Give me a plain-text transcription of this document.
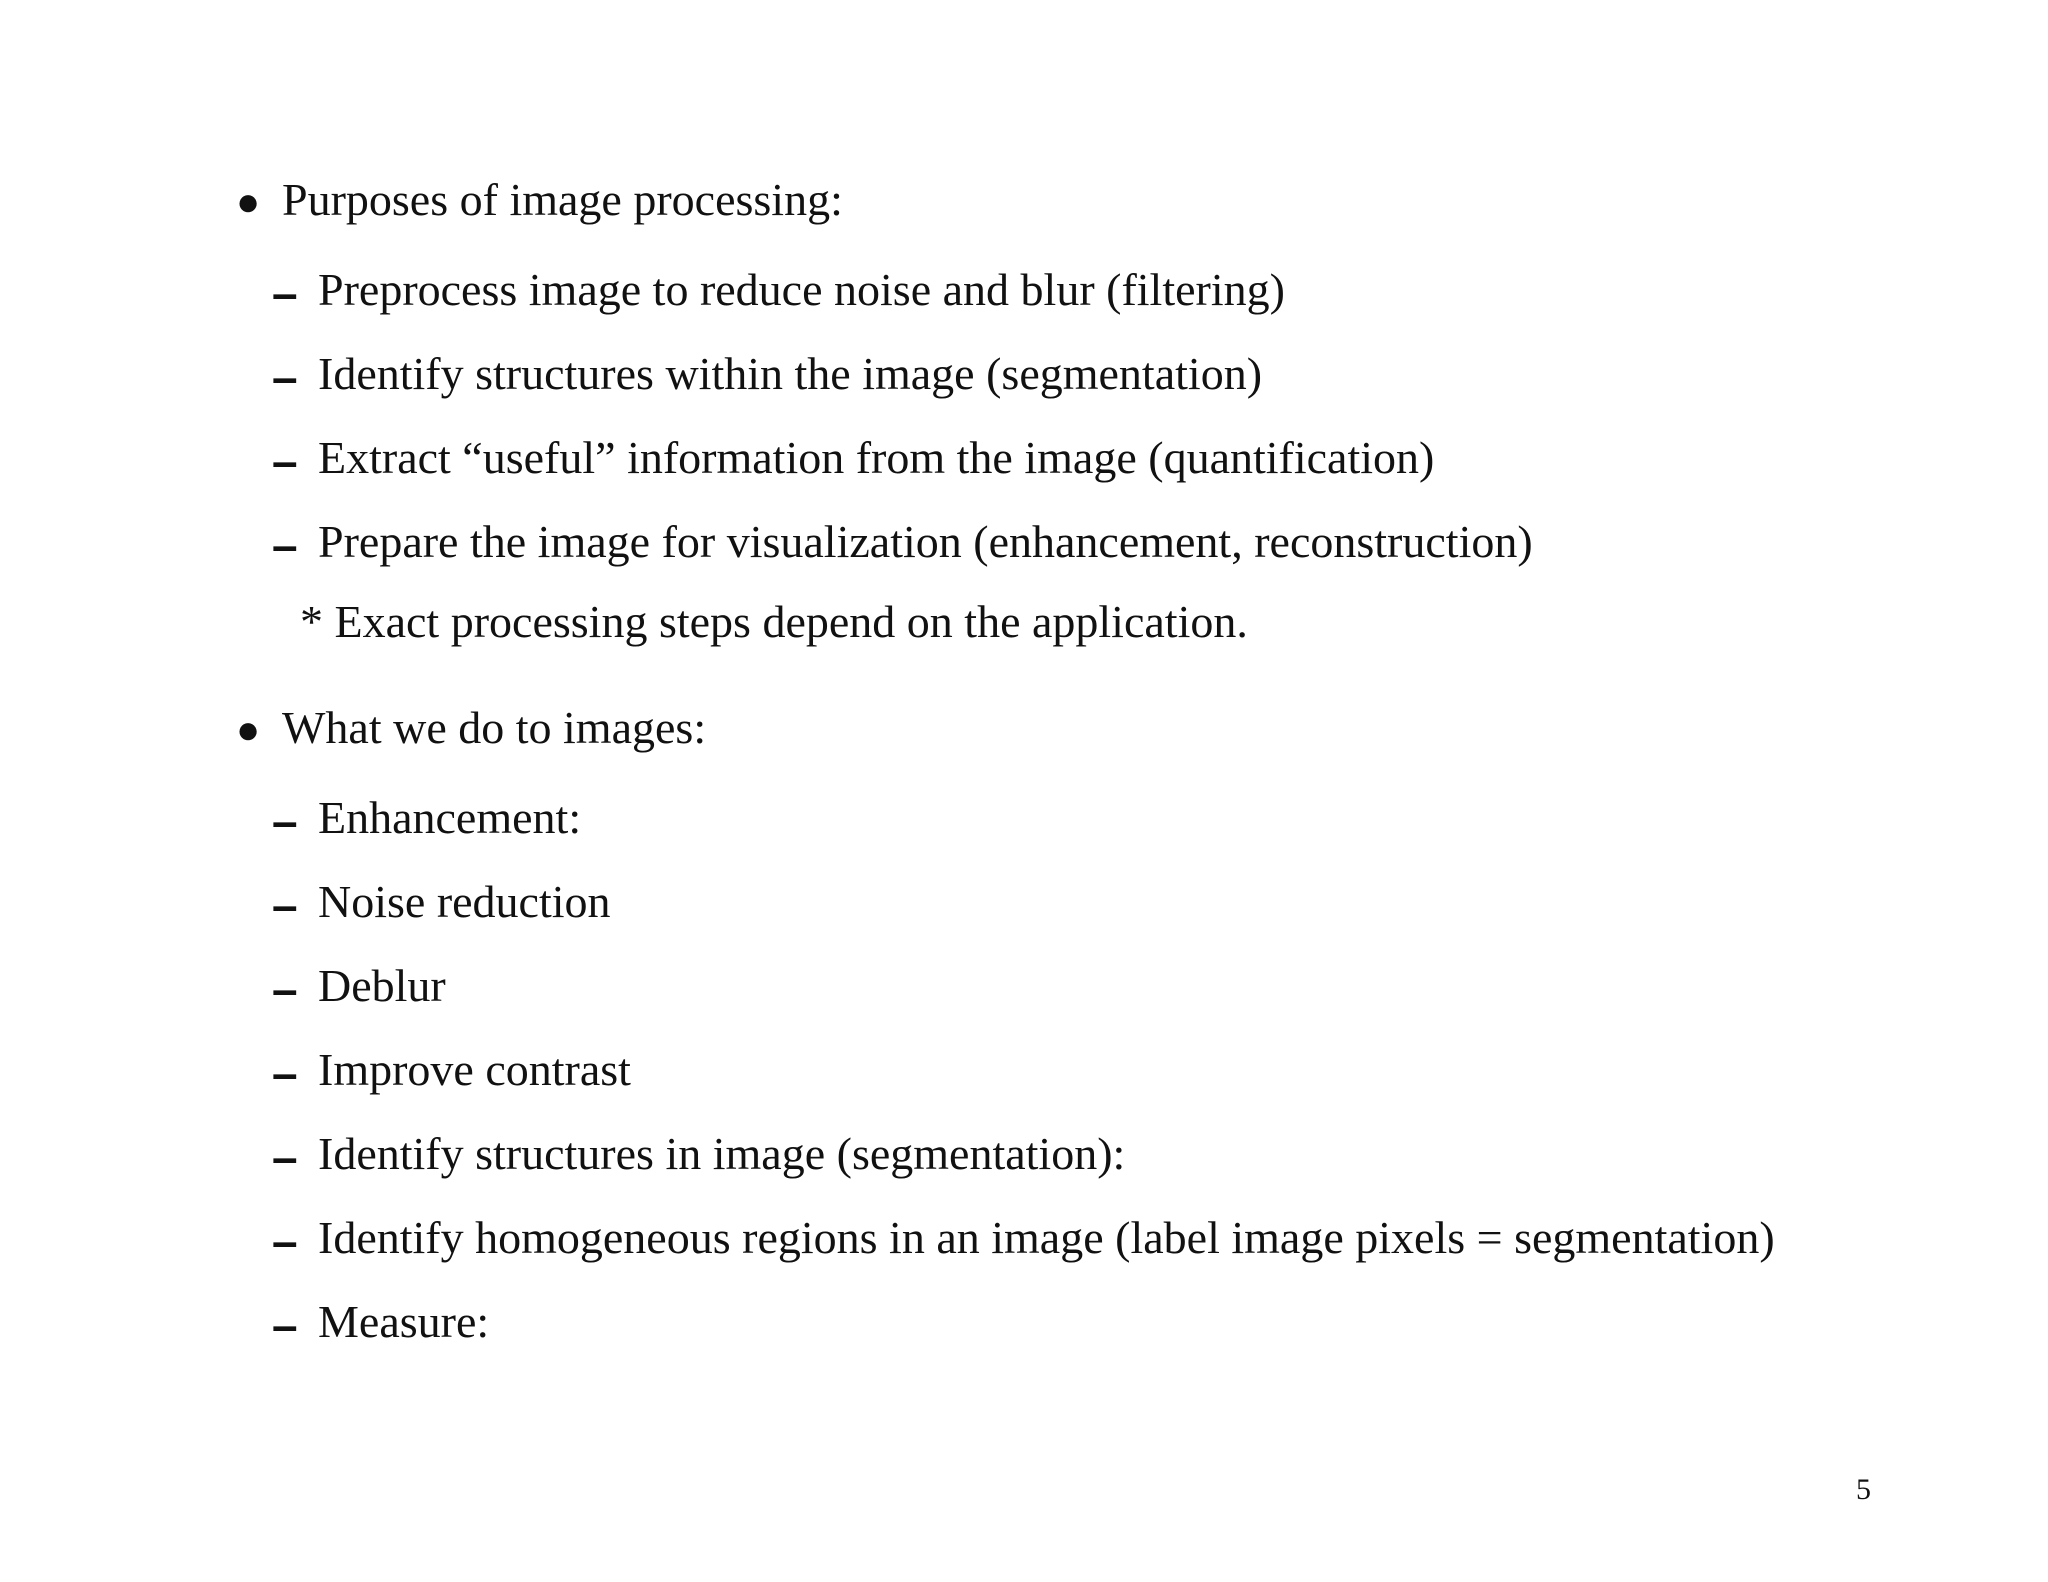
● Purposes of image processing:
– Preprocess image to reduce noise and blur (filtering)
– Identify structures within the image (segmentation)
– Extract “useful” information from the image (quantification)
– Prepare the image for visualization (enhancement, reconstruction)
* Exact processing steps depend on the application.
● What we do to images:
– Enhancement:
– Noise reduction
– Deblur
– Improve contrast
– Identify structures in image (segmentation):
– Identify homogeneous regions in an image (label image pixels = segmentation)
– Measure:
5
